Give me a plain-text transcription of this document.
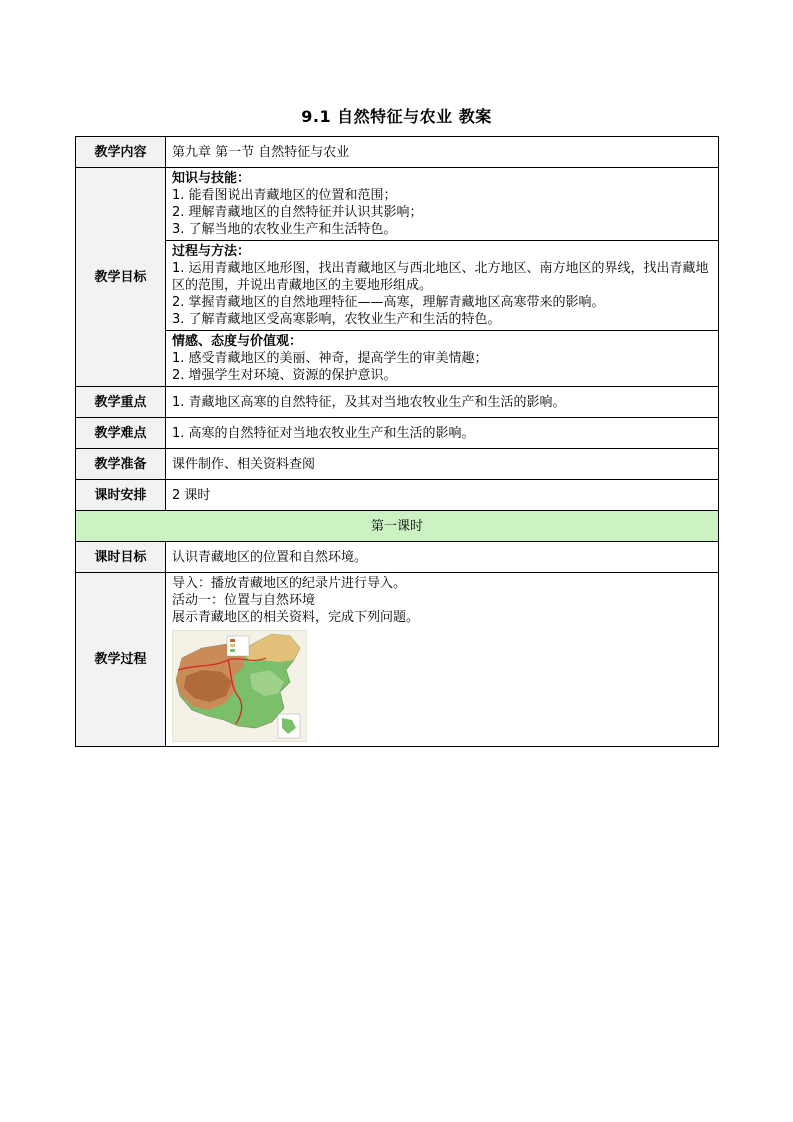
9.1 自然特征与农业 教案
教学内容	第九章 第一节 自然特征与农业
教学目标	知识与技能：
1. 能看图说出青藏地区的位置和范围；
2. 理解青藏地区的自然特征并认识其影响；
3. 了解当地的农牧业生产和生活特色。

	过程与方法：
1. 运用青藏地区地形图，找出青藏地区与西北地区、北方地区、南方地区的界线，找出青藏地区的范围，并说出青藏地区的主要地形组成。
2. 掌握青藏地区的自然地理特征——高寒，理解青藏地区高寒带来的影响。
3. 了解青藏地区受高寒影响，农牧业生产和生活的特色。

	情感、态度与价值观：
1. 感受青藏地区的美丽、神奇，提高学生的审美情趣；
2. 增强学生对环境、资源的保护意识。

教学重点	1. 青藏地区高寒的自然特征，及其对当地农牧业生产和生活的影响。
教学难点	1. 高寒的自然特征对当地农牧业生产和生活的影响。
教学准备	课件制作、相关资料查阅
课时安排	2 课时
第一课时	
课时目标	认识青藏地区的位置和自然环境。
教学过程	导入：播放青藏地区的纪录片进行导入。
活动一：位置与自然环境
展示青藏地区的相关资料，完成下列问题。
